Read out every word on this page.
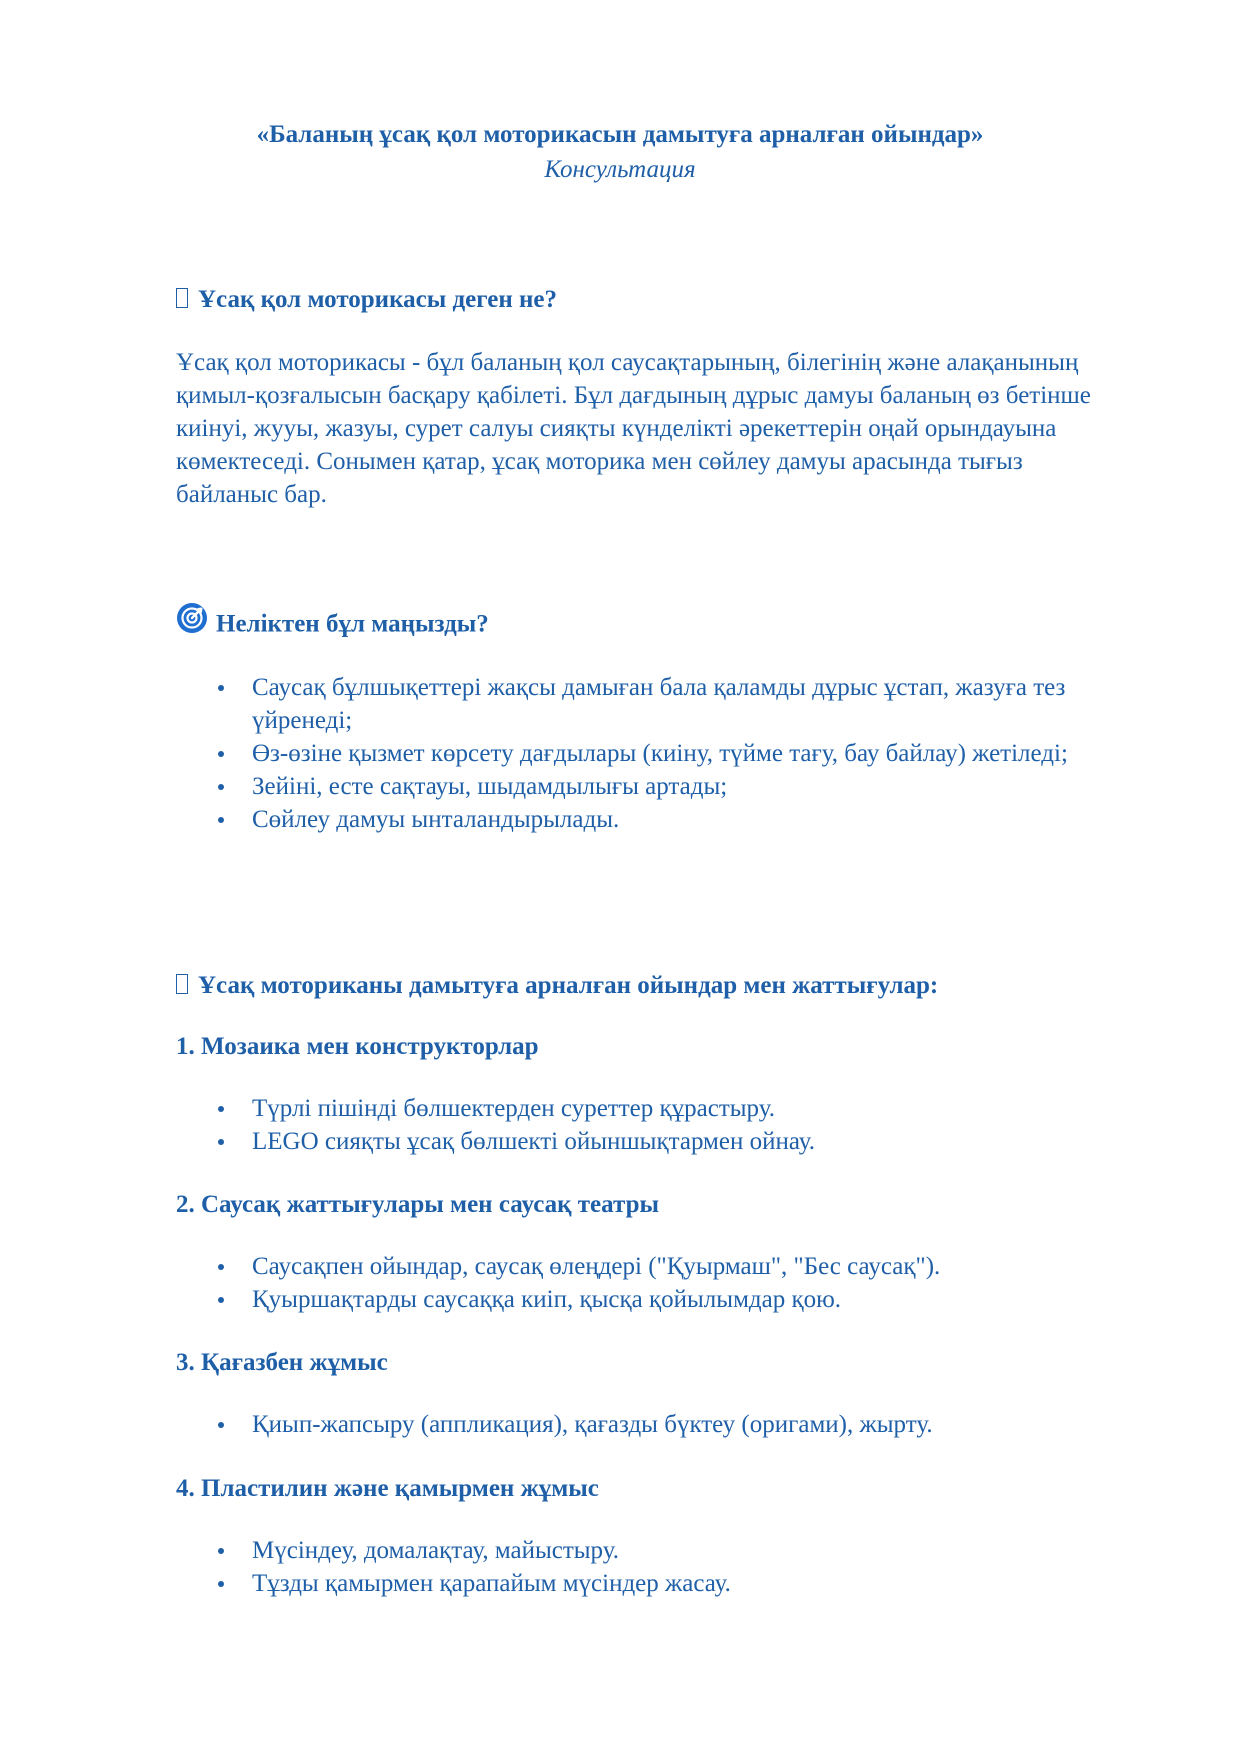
«Баланың ұсақ қол моторикасын дамытуға арналған ойындар»
Консультация
Ұсақ қол моторикасы деген не?
Ұсақ қол моторикасы - бұл баланың қол саусақтарының, білегінің және алақанының қимыл-қозғалысын басқару қабілеті. Бұл дағдының дұрыс дамуы баланың өз бетінше киінуі, жууы, жазуы, сурет салуы сияқты күнделікті әрекеттерін оңай орындауына көмектеседі. Сонымен қатар, ұсақ моторика мен сөйлеу дамуы арасында тығыз байланыс бар.
Неліктен бұл маңызды?
Саусақ бұлшықеттері жақсы дамыған бала қаламды дұрыс ұстап, жазуға тез үйренеді;
Өз-өзіне қызмет көрсету дағдылары (киіну, түйме тағу, бау байлау) жетіледі;
Зейіні, есте сақтауы, шыдамдылығы артады;
Сөйлеу дамуы ынталандырылады.
Ұсақ моториканы дамытуға арналған ойындар мен жаттығулар:
1. Мозаика мен конструкторлар
Түрлі пішінді бөлшектерден суреттер құрастыру.
LEGO сияқты ұсақ бөлшекті ойыншықтармен ойнау.
2. Саусақ жаттығулары мен саусақ театры
Саусақпен ойындар, саусақ өлеңдері ("Қуырмаш", "Бес саусақ").
Қуыршақтарды саусаққа киіп, қысқа қойылымдар қою.
3. Қағазбен жұмыс
Қиып-жапсыру (аппликация), қағазды бүктеу (оригами), жырту.
4. Пластилин және қамырмен жұмыс
Мүсіндеу, домалақтау, майыстыру.
Тұзды қамырмен қарапайым мүсіндер жасау.
